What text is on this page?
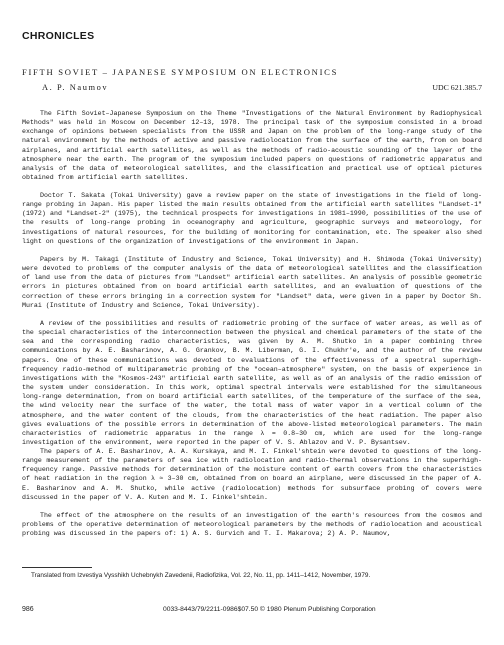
CHRONICLES
FIFTH SOVIET – JAPANESE SYMPOSIUM ON ELECTRONICS
A. P. Naumov	UDC 621.385.7

The Fifth Soviet–Japanese Symposium on the Theme "Investigations of the Natural Environment by Radiophysical Methods" was held in Moscow on December 12–13, 1978. The principal task of the symposium consisted in a broad exchange of opinions between specialists from the USSR and Japan on the problem of the long-range study of the natural environment by the methods of active and passive radiolocation from the surface of the earth, from on board airplanes, and artificial earth satellites, as well as the methods of radio-acoustic sounding of the layer of the atmosphere near the earth. The program of the symposium included papers on questions of radiometric apparatus and analysis of the data of meteorological satellites, and the classification and practical use of optical pictures obtained from artificial earth satellites.

Doctor T. Sakata (Tokai University) gave a review paper on the state of investigations in the field of long-range probing in Japan. His paper listed the main results obtained from the artificial earth satellites "Landset-1" (1972) and "Landset-2" (1975), the technical prospects for investigations in 1981–1990, possibilities of the use of the results of long-range probing in oceanography and agriculture, geographic surveys and meteorology, for investigations of natural resources, for the building of monitoring for contamination, etc. The speaker also shed light on questions of the organization of investigations of the environment in Japan.

Papers by M. Takagi (Institute of Industry and Science, Tokai University) and H. Shimoda (Tokai University) were devoted to problems of the computer analysis of the data of meteorological satellites and the classification of land use from the data of pictures from "Landset" artificial earth satellites. An analysis of possible geometric errors in pictures obtained from on board artificial earth satellites, and an evaluation of questions of the correction of these errors bringing in a correction system for "Landset" data, were given in a paper by Doctor Sh. Murai (Institute of Industry and Science, Tokai University).

A review of the possibilities and results of radiometric probing of the surface of water areas, as well as of the special characteristics of the interconnection between the physical and chemical parameters of the state of the sea and the corresponding radio characteristics, was given by A. M. Shutko in a paper combining three communications by A. E. Basharinov, A. G. Grankov, B. M. Liberman, G. I. Chukhr'e, and the author of the review papers. One of these communications was devoted to evaluations of the effectiveness of a spectral superhigh-frequency radio-method of multiparametric probing of the "ocean–atmosphere" system, on the basis of experience in investigations with the "Kosmos-243" artificial earth satellite, as well as of an analysis of the radio emission of the system under consideration. In this work, optimal spectral intervals were established for the simultaneous long-range determination, from on board artificial earth satellites, of the temperature of the surface of the sea, the wind velocity near the surface of the water, the total mass of water vapor in a vertical column of the atmosphere, and the water content of the clouds, from the characteristics of the heat radiation. The paper also gives evaluations of the possible errors in determination of the above-listed meteorological parameters. The main characteristics of radiometric apparatus in the range λ = 0.8–30 cm, which are used for the long-range investigation of the environment, were reported in the paper of V. S. Ablazov and V. P. Bysantsev.

The papers of A. E. Basharinov, A. A. Kurskaya, and M. I. Finkel'shtein were devoted to questions of the long-range measurement of the parameters of sea ice with radiolocation and radio-thermal observations in the superhigh-frequency range. Passive methods for determination of the moisture content of earth covers from the characteristics of heat radiation in the region λ ≈ 3–30 cm, obtained from on board an airplane, were discussed in the paper of A. E. Basharinov and A. M. Shutko, while active (radiolocation) methods for subsurface probing of covers were discussed in the paper of V. A. Kuten and M. I. Finkel'shtein.

The effect of the atmosphere on the results of an investigation of the earth's resources from the cosmos and problems of the operative determination of meteorological parameters by the methods of radiolocation and acoustical probing was discussed in the papers of: 1) A. S. Gurvich and T. I. Makarova; 2) A. P. Naumov,

Translated from Izvestiya Vysshikh Uchebnykh Zavedenii, Radiofizika, Vol. 22, No. 11, pp. 1411–1412, November, 1979.
986	0033-8443/79/2211-0986$07.50 © 1980 Plenum Publishing Corporation
